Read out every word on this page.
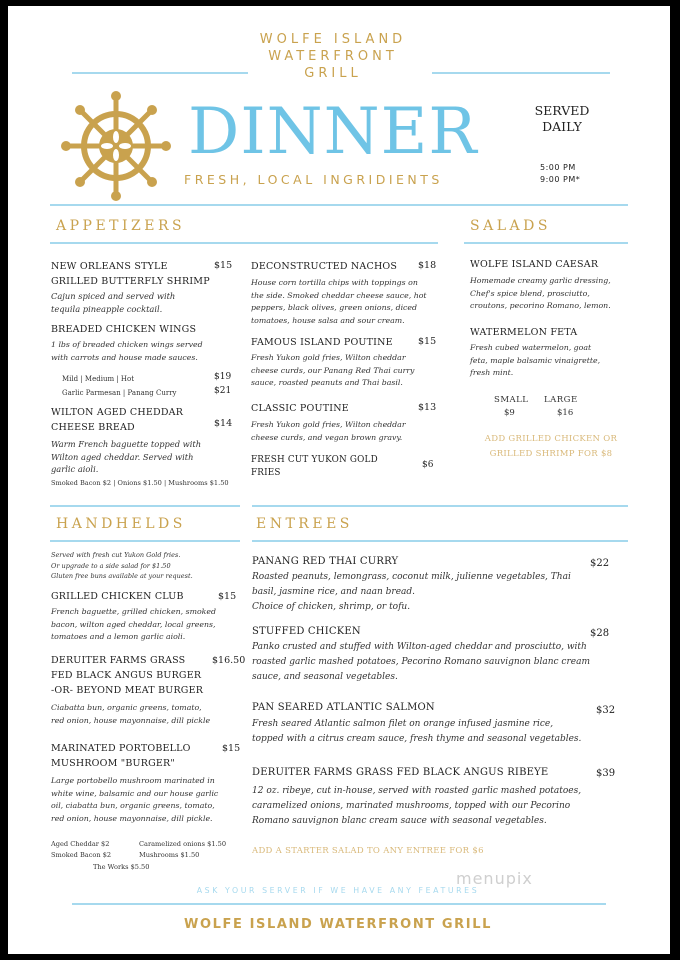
WOLFE ISLAND
WATERFRONT
GRILL
DINNER	SERVED
DAILY
5:00 PM
9:00 PM*
FRESH, LOCAL INGRIDIENTS
APPETIZERS
NEW ORLEANS STYLE
GRILLED BUTTERFLY SHRIMP
$15
Cajun spiced and served with
tequila pineapple cocktail.
BREADED CHICKEN WINGS
1 lbs of breaded chicken wings served
with carrots and house made sauces.
Mild | Medium | Hot	$19
Garlic Parmesan | Panang Curry	$21
WILTON AGED CHEDDAR
CHEESE BREAD	$14
Warm French baguette topped with
Wilton aged cheddar. Served with
garlic aioli.
Smoked Bacon $2 | Onions $1.50 | Mushrooms $1.50
DECONSTRUCTED NACHOS $18
House corn tortilla chips with toppings on
the side. Smoked cheddar cheese sauce, hot
peppers, black olives, green onions, diced
tomatoes, house salsa and sour cream.
FAMOUS ISLAND POUTINE	$15
Fresh Yukon gold fries, Wilton cheddar
cheese curds, our Panang Red Thai curry
sauce, roasted peanuts and Thai basil.
CLASSIC POUTINE	$13
Fresh Yukon gold fries, Wilton cheddar
cheese curds, and vegan brown gravy.
FRESH CUT YUKON GOLD
FRIES
$6
SALADS
WOLFE ISLAND CAESAR
Homemade creamy garlic dressing,
Chef's spice blend, prosciutto,
croutons, pecorino Romano, lemon.
WATERMELON FETA
Fresh cubed watermelon, goat
feta, maple balsamic vinaigrette,
fresh mint.
SMALL LARGE
$9	$16
ADD GRILLED CHICKEN OR
GRILLED SHRIMP FOR $8
HANDHELDS
Served with fresh cut Yukon Gold fries.
Or upgrade to a side salad for $1.50
Gluten free buns available at your request.
GRILLED CHICKEN CLUB	$15
French baguette, grilled chicken, smoked
bacon, wilton aged cheddar, local greens,
tomatoes and a lemon garlic aioli.
DERUITER FARMS GRASS
FED BLACK ANGUS BURGER
-OR- BEYOND MEAT BURGER
$16.50
Ciabatta bun, organic greens, tomato,
red onion, house mayonnaise, dill pickle
MARINATED PORTOBELLO
MUSHROOM "BURGER"
$15
Large portobello mushroom marinated in
white wine, balsamic and our house garlic
oil, ciabatta bun, organic greens, tomato,
red onion, house mayonnaise, dill pickle.
Aged Cheddar $2
Smoked Bacon $2
Caramelized onions $1.50
Mushrooms $1.50
The Works $5.50
ENTREES
PANANG RED THAI CURRY	$22
Roasted peanuts, lemongrass, coconut milk, julienne vegetables, Thai
basil, jasmine rice, and naan bread.
Choice of chicken, shrimp, or tofu.
STUFFED CHICKEN	$28
Panko crusted and stuffed with Wilton-aged cheddar and prosciutto, with
roasted garlic mashed potatoes, Pecorino Romano sauvignon blanc cream
sauce, and seasonal vegetables.
PAN SEARED ATLANTIC SALMON	$32
Fresh seared Atlantic salmon filet on orange infused jasmine rice,
topped with a citrus cream sauce, fresh thyme and seasonal vegetables.
DERUITER FARMS GRASS FED BLACK ANGUS RIBEYE	$39
12 oz. ribeye, cut in-house, served with roasted garlic mashed potatoes,
caramelized onions, marinated mushrooms, topped with our Pecorino
Romano sauvignon blanc cream sauce with seasonal vegetables.
ADD A STARTER SALAD TO ANY ENTREE FOR $6
menupix
ASK YOUR SERVER IF WE HAVE ANY FEATURES
WOLFE ISLAND WATERFRONT GRILL
